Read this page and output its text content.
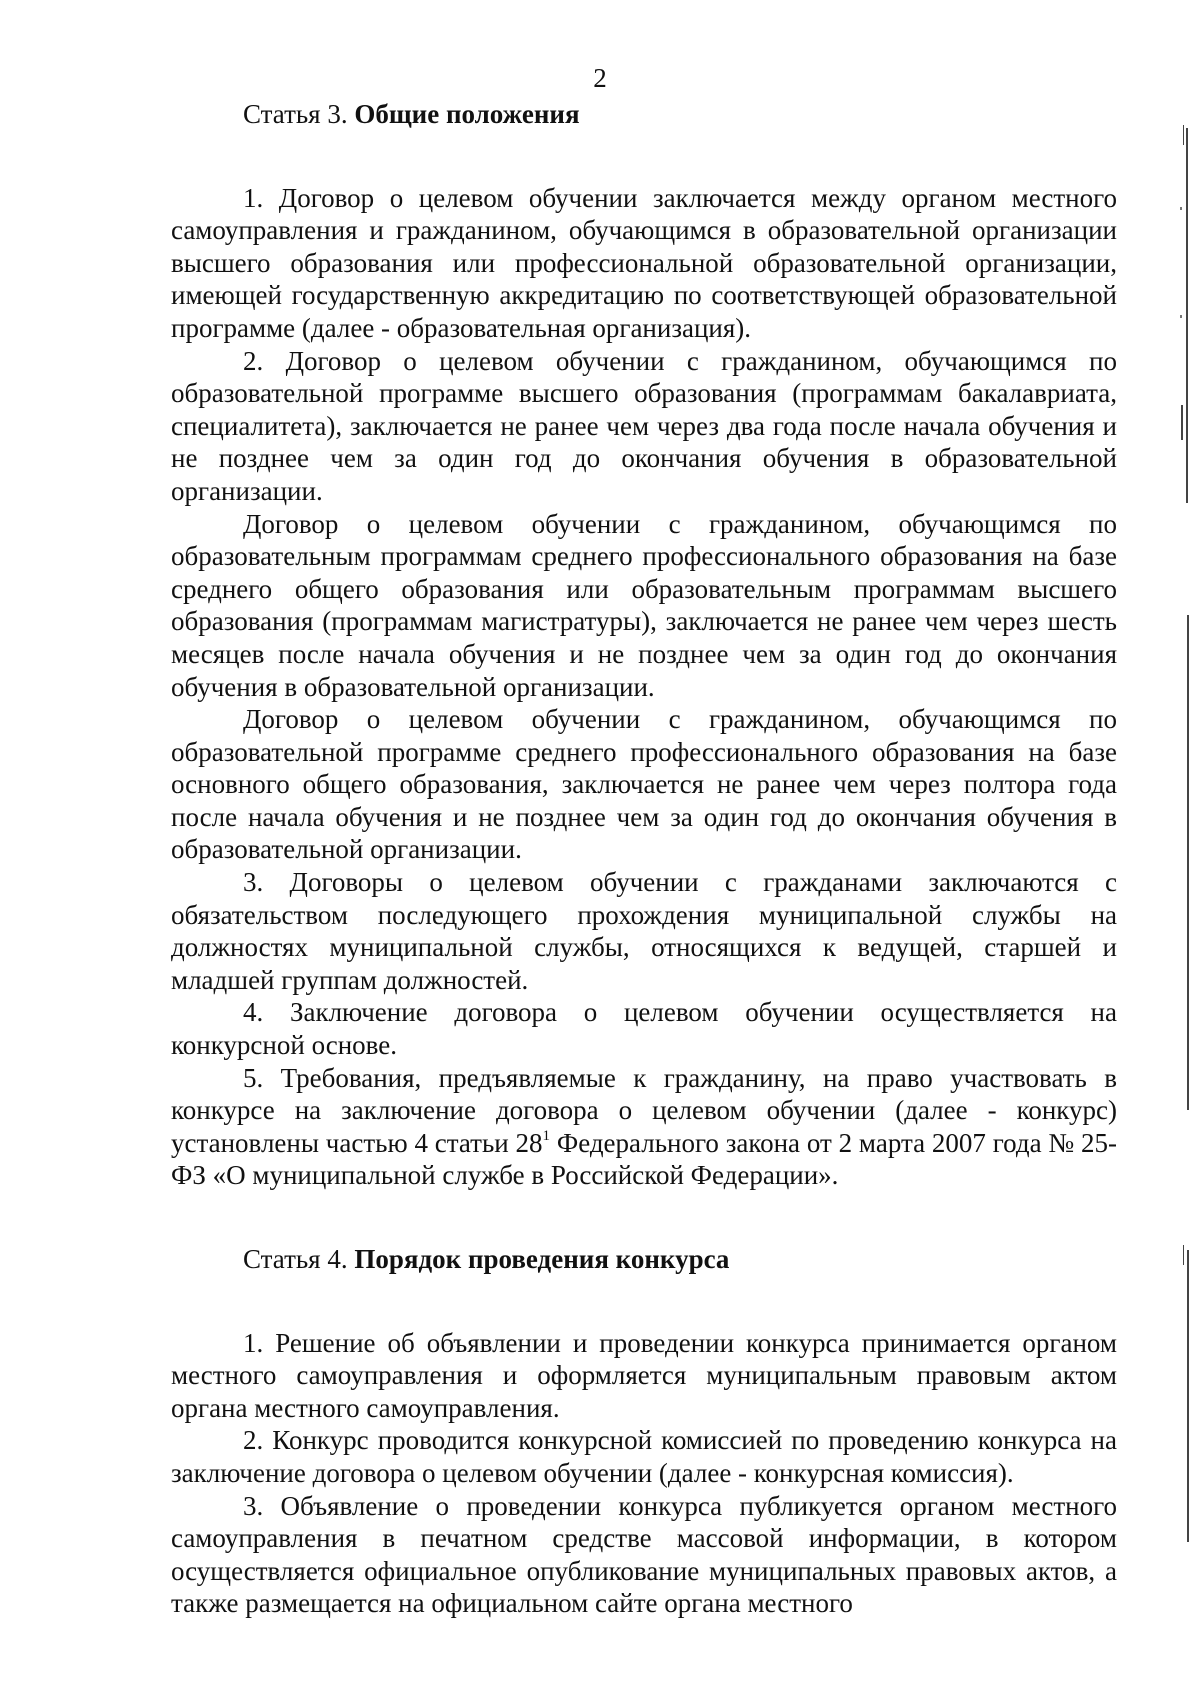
2
Статья 3. Общие положения

1. Договор о целевом обучении заключается между органом местного самоуправления и гражданином, обучающимся в образовательной организации высшего образования или профессиональной образовательной организации, имеющей государственную аккредитацию по соответствующей образовательной программе (далее - образовательная организация).

2. Договор о целевом обучении с гражданином, обучающимся по образовательной программе высшего образования (программам бакалавриата, специалитета), заключается не ранее чем через два года после начала обучения и не позднее чем за один год до окончания обучения в образовательной организации.

Договор о целевом обучении с гражданином, обучающимся по образовательным программам среднего профессионального образования на базе среднего общего образования или образовательным программам высшего образования (программам магистратуры), заключается не ранее чем через шесть месяцев после начала обучения и не позднее чем за один год до окончания обучения в образовательной организации.

Договор о целевом обучении с гражданином, обучающимся по образовательной программе среднего профессионального образования на базе основного общего образования, заключается не ранее чем через полтора года после начала обучения и не позднее чем за один год до окончания обучения в образовательной организации.

3. Договоры о целевом обучении с гражданами заключаются с обязательством последующего прохождения муниципальной службы на должностях муниципальной службы, относящихся к ведущей, старшей и младшей группам должностей.

4. Заключение договора о целевом обучении осуществляется на конкурсной основе.

5. Требования, предъявляемые к гражданину, на право участвовать в конкурсе на заключение договора о целевом обучении (далее - конкурс) установлены частью 4 статьи $28^1$ Федерального закона от 2 марта 2007 года № 25-ФЗ «О муниципальной службе в Российской Федерации».

Статья 4. Порядок проведения конкурса

1. Решение об объявлении и проведении конкурса принимается органом местного самоуправления и оформляется муниципальным правовым актом органа местного самоуправления.

2. Конкурс проводится конкурсной комиссией по проведению конкурса на заключение договора о целевом обучении (далее - конкурсная комиссия).

3. Объявление о проведении конкурса публикуется органом местного самоуправления в печатном средстве массовой информации, в котором осуществляется официальное опубликование муниципальных правовых актов, а также размещается на официальном сайте органа местного
